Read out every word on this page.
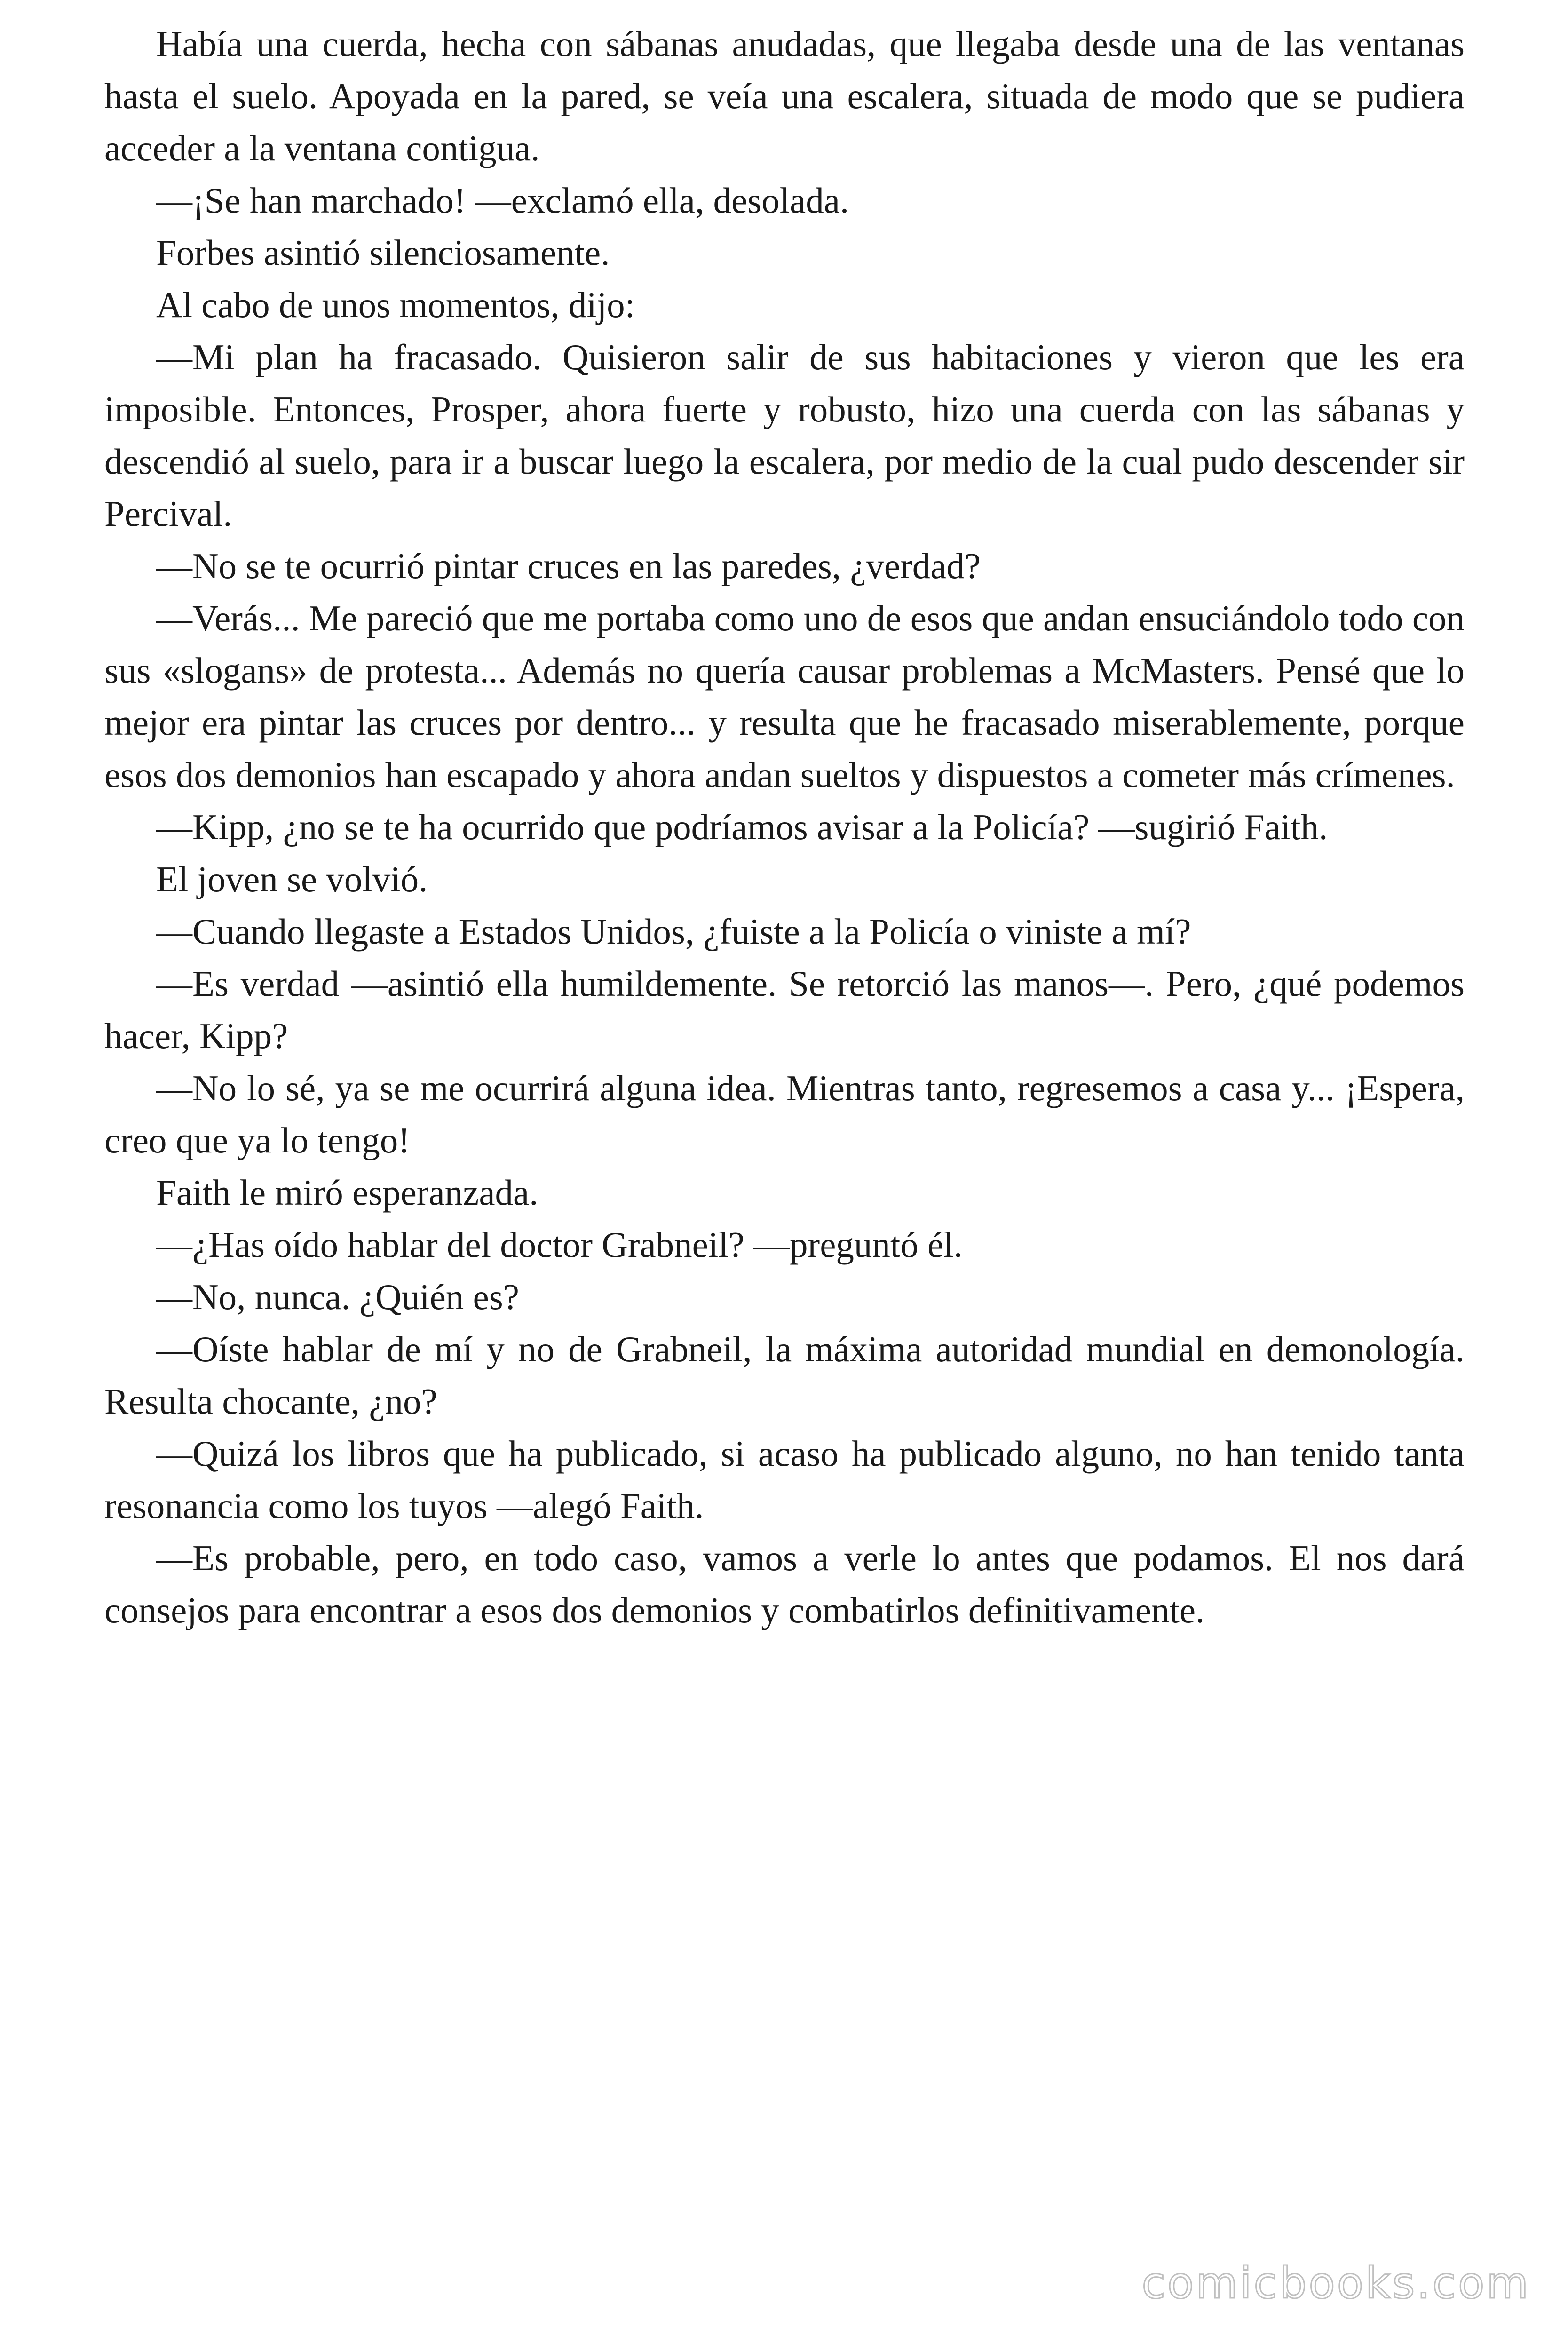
Había una cuerda, hecha con sábanas anudadas, que llegaba desde una de las ventanas hasta el suelo. Apoyada en la pared, se veía una escalera, situada de modo que se pudiera acceder a la ventana contigua.

—¡Se han marchado! —exclamó ella, desolada.

Forbes asintió silenciosamente.

Al cabo de unos momentos, dijo:

—Mi plan ha fracasado. Quisieron salir de sus habitaciones y vieron que les era imposible. Entonces, Prosper, ahora fuerte y robusto, hizo una cuerda con las sábanas y descendió al suelo, para ir a buscar luego la escalera, por medio de la cual pudo descender sir Percival.

—No se te ocurrió pintar cruces en las paredes, ¿verdad?

—Verás... Me pareció que me portaba como uno de esos que andan ensuciándolo todo con sus «slogans» de protesta... Además no quería causar problemas a McMasters. Pensé que lo mejor era pintar las cruces por dentro... y resulta que he fracasado miserablemente, porque esos dos demonios han escapado y ahora andan sueltos y dispuestos a cometer más crímenes.

—Kipp, ¿no se te ha ocurrido que podríamos avisar a la Policía? —sugirió Faith.

El joven se volvió.

—Cuando llegaste a Estados Unidos, ¿fuiste a la Policía o viniste a mí?

—Es verdad —asintió ella humildemente. Se retorció las manos—. Pero, ¿qué podemos hacer, Kipp?

—No lo sé, ya se me ocurrirá alguna idea. Mientras tanto, regresemos a casa y... ¡Espera, creo que ya lo tengo!

Faith le miró esperanzada.

—¿Has oído hablar del doctor Grabneil? —preguntó él.

—No, nunca. ¿Quién es?

—Oíste hablar de mí y no de Grabneil, la máxima autoridad mundial en demonología. Resulta chocante, ¿no?

—Quizá los libros que ha publicado, si acaso ha publicado alguno, no han tenido tanta resonancia como los tuyos —alegó Faith.

—Es probable, pero, en todo caso, vamos a verle lo antes que podamos. El nos dará consejos para encontrar a esos dos demonios y combatirlos definitivamente.

comicbooks.com
